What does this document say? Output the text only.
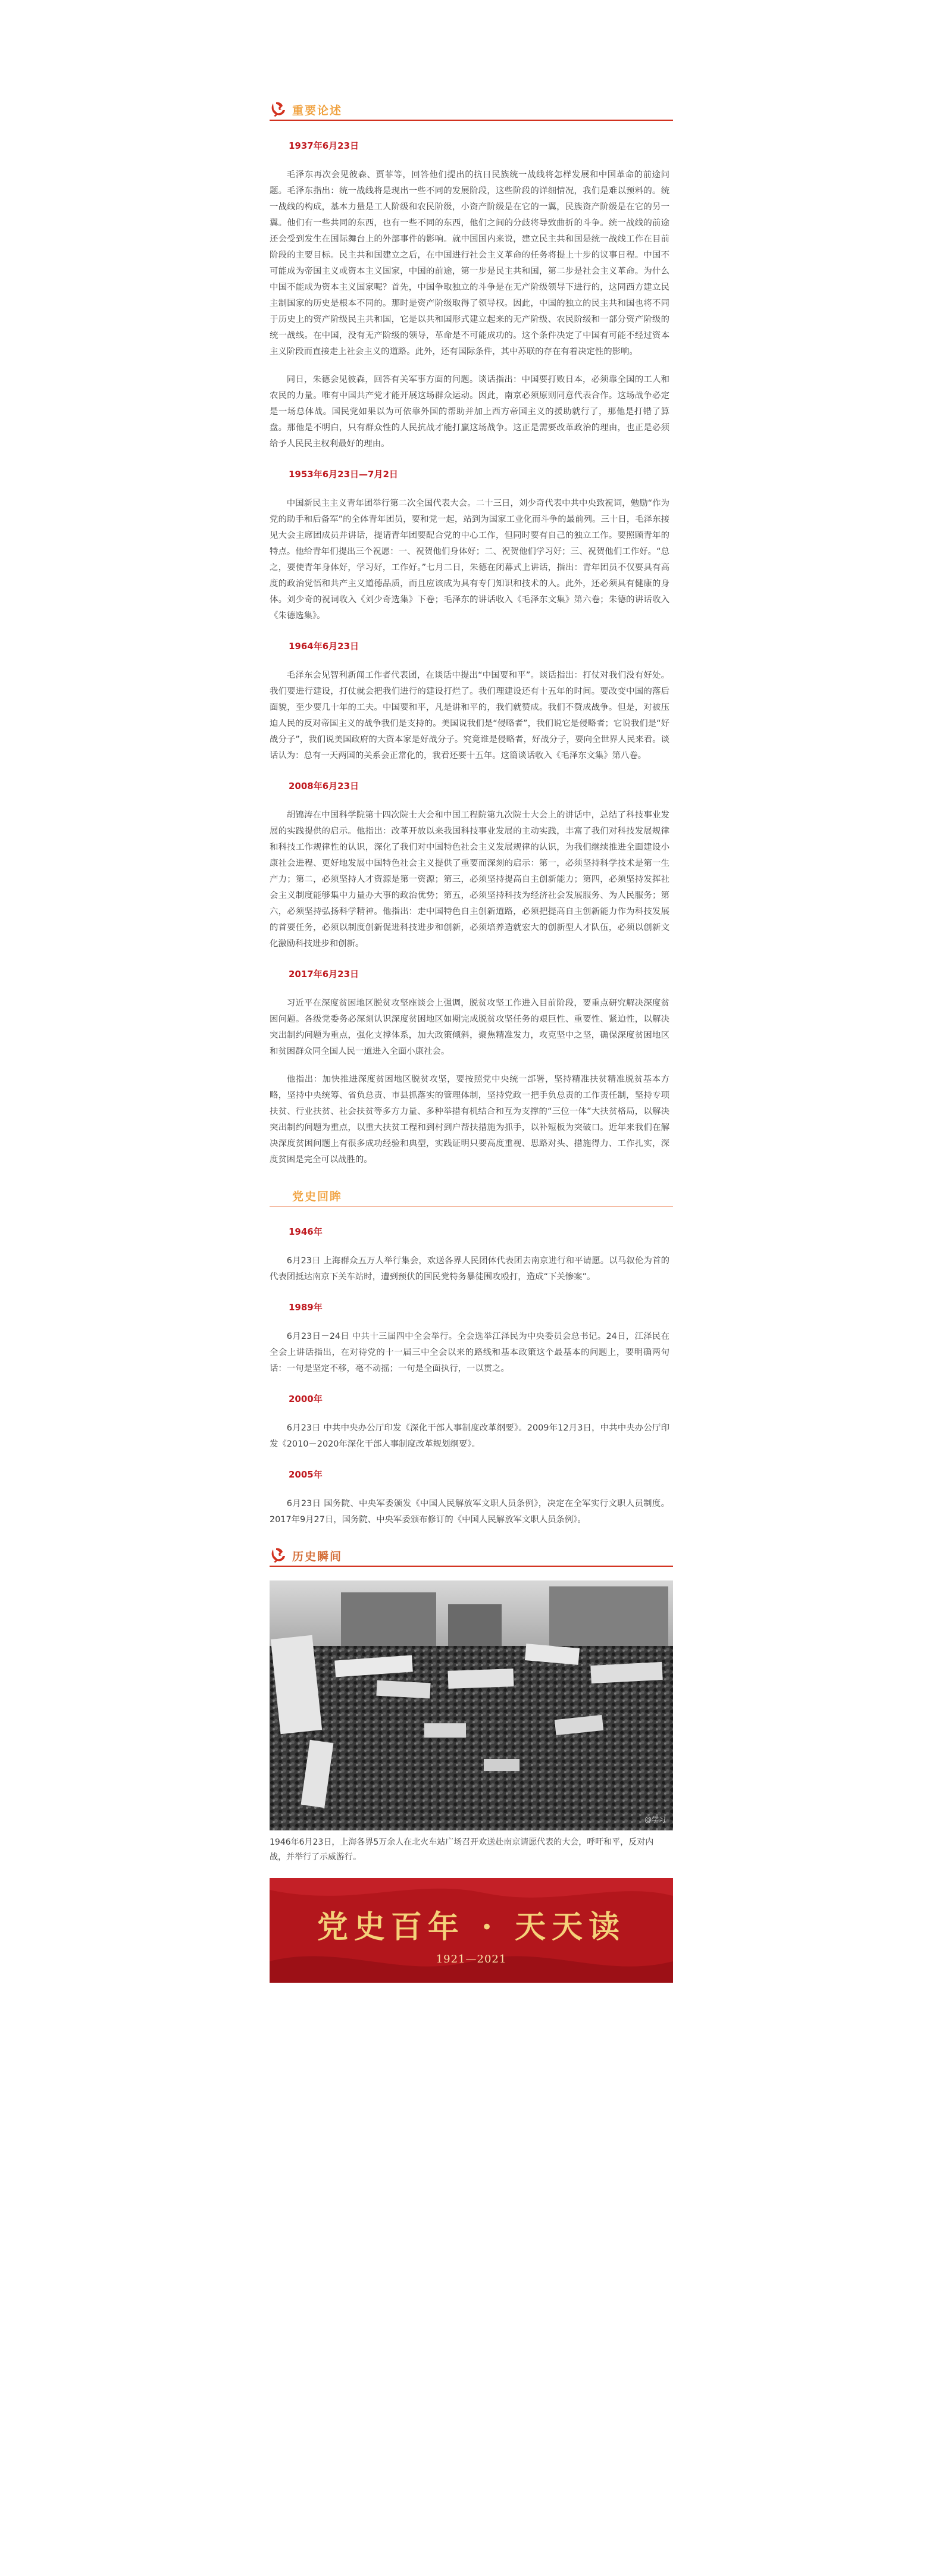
重要论述
1937年6月23日

毛泽东再次会见彼森、贾菲等，回答他们提出的抗日民族统一战线将怎样发展和中国革命的前途问题。毛泽东指出：统一战线将是现出一些不同的发展阶段，这些阶段的详细情况，我们是难以预料的。统一战线的构成，基本力量是工人阶级和农民阶级，小资产阶级是在它的一翼，民族资产阶级是在它的另一翼。他们有一些共同的东西，也有一些不同的东西，他们之间的分歧将导致曲折的斗争。统一战线的前途还会受到发生在国际舞台上的外部事件的影响。就中国国内来说，建立民主共和国是统一战线工作在目前阶段的主要目标。民主共和国建立之后，在中国进行社会主义革命的任务将提上十步的议事日程。中国不可能成为帝国主义或资本主义国家，中国的前途，第一步是民主共和国，第二步是社会主义革命。为什么中国不能成为资本主义国家呢？首先，中国争取独立的斗争是在无产阶级领导下进行的，这同西方建立民主制国家的历史是根本不同的。那时是资产阶级取得了领导权。因此，中国的独立的民主共和国也将不同于历史上的资产阶级民主共和国，它是以共和国形式建立起来的无产阶级、农民阶级和一部分资产阶级的统一战线。在中国，没有无产阶级的领导，革命是不可能成功的。这个条件决定了中国有可能不经过资本主义阶段而直接走上社会主义的道路。此外，还有国际条件，其中苏联的存在有着决定性的影响。

同日，朱德会见彼森，回答有关军事方面的问题。谈话指出：中国要打败日本，必须靠全国的工人和农民的力量。唯有中国共产党才能开展这场群众运动。因此，南京必须原则同意代表合作。这场战争必定是一场总体战。国民党如果以为可依靠外国的帮助并加上西方帝国主义的援助就行了，那他是打错了算盘。那他是不明白，只有群众性的人民抗战才能打赢这场战争。这正是需要改革政治的理由，也正是必须给予人民民主权利最好的理由。

1953年6月23日—7月2日

中国新民主主义青年团举行第二次全国代表大会。二十三日，刘少奇代表中共中央致祝词，勉励“作为党的助手和后备军”的全体青年团员，要和党一起，站到为国家工业化而斗争的最前列。三十日，毛泽东接见大会主席团成员并讲话，提请青年团要配合党的中心工作，但同时要有自己的独立工作。要照顾青年的特点。他给青年们提出三个祝愿：一、祝贺他们身体好；二、祝贺他们学习好；三、祝贺他们工作好。“总之，要使青年身体好，学习好，工作好。”七月二日，朱德在闭幕式上讲话，指出：青年团员不仅要具有高度的政治觉悟和共产主义道德品质，而且应该成为具有专门知识和技术的人。此外，还必须具有健康的身体。刘少奇的祝词收入《刘少奇选集》下卷；毛泽东的讲话收入《毛泽东文集》第六卷；朱德的讲话收入《朱德选集》。

1964年6月23日

毛泽东会见智利新闻工作者代表团，在谈话中提出“中国要和平”。谈话指出：打仗对我们没有好处。我们要进行建设，打仗就会把我们进行的建设打烂了。我们理建设还有十五年的时间。要改变中国的落后面貌，至少要几十年的工夫。中国要和平，凡是讲和平的，我们就赞成。我们不赞成战争。但是，对被压迫人民的反对帝国主义的战争我们是支持的。美国说我们是“侵略者”，我们说它是侵略者；它说我们是“好战分子”，我们说美国政府的大资本家是好战分子。究竟谁是侵略者，好战分子，要向全世界人民来看。谈话认为：总有一天两国的关系会正常化的，我看还要十五年。这篇谈话收入《毛泽东文集》第八卷。

2008年6月23日

胡锦涛在中国科学院第十四次院士大会和中国工程院第九次院士大会上的讲话中，总结了科技事业发展的实践提供的启示。他指出：改革开放以来我国科技事业发展的主动实践，丰富了我们对科技发展规律和科技工作规律性的认识，深化了我们对中国特色社会主义发展规律的认识，为我们继续推进全面建设小康社会进程、更好地发展中国特色社会主义提供了重要而深刻的启示：第一，必须坚持科学技术是第一生产力；第二，必须坚持人才资源是第一资源；第三，必须坚持提高自主创新能力；第四，必须坚持发挥社会主义制度能够集中力量办大事的政治优势；第五，必须坚持科技为经济社会发展服务、为人民服务；第六，必须坚持弘扬科学精神。他指出：走中国特色自主创新道路，必须把提高自主创新能力作为科技发展的首要任务，必须以制度创新促进科技进步和创新，必须培养造就宏大的创新型人才队伍，必须以创新文化激励科技进步和创新。

2017年6月23日

习近平在深度贫困地区脱贫攻坚座谈会上强调，脱贫攻坚工作进入目前阶段，要重点研究解决深度贫困问题。各级党委务必深刻认识深度贫困地区如期完成脱贫攻坚任务的艰巨性、重要性、紧迫性，以解决突出制约问题为重点，强化支撑体系，加大政策倾斜，聚焦精准发力，攻克坚中之坚，确保深度贫困地区和贫困群众同全国人民一道进入全面小康社会。

他指出：加快推进深度贫困地区脱贫攻坚，要按照党中央统一部署，坚持精准扶贫精准脱贫基本方略，坚持中央统筹、省负总责、市县抓落实的管理体制，坚持党政一把手负总责的工作责任制，坚持专项扶贫、行业扶贫、社会扶贫等多方力量、多种举措有机结合和互为支撑的“三位一体”大扶贫格局，以解决突出制约问题为重点，以重大扶贫工程和到村到户帮扶措施为抓手，以补短板为突破口。近年来我们在解决深度贫困问题上有很多成功经验和典型，实践证明只要高度重视、思路对头、措施得力、工作扎实，深度贫困是完全可以战胜的。

党史回眸
1946年

6月23日 上海群众五万人举行集会，欢送各界人民团体代表团去南京进行和平请愿。以马叙伦为首的代表团抵达南京下关车站时，遭到预伏的国民党特务暴徒围攻殴打，造成“下关惨案”。

1989年

6月23日－24日 中共十三届四中全会举行。全会选举江泽民为中央委员会总书记。24日，江泽民在全会上讲话指出，在对待党的十一届三中全会以来的路线和基本政策这个最基本的问题上，要明确两句话：一句是坚定不移，毫不动摇；一句是全面执行，一以贯之。

2000年

6月23日 中共中央办公厅印发《深化干部人事制度改革纲要》。2009年12月3日，中共中央办公厅印发《2010－2020年深化干部人事制度改革规划纲要》。

2005年

6月23日 国务院、中央军委颁发《中国人民解放军文职人员条例》，决定在全军实行文职人员制度。2017年9月27日，国务院、中央军委颁布修订的《中国人民解放军文职人员条例》。

历史瞬间
@学习

1946年6月23日，上海各界5万余人在北火车站广场召开欢送赴南京请愿代表的大会，呼吁和平，反对内战，并举行了示威游行。

党史百年 · 天天读
1921—2021
